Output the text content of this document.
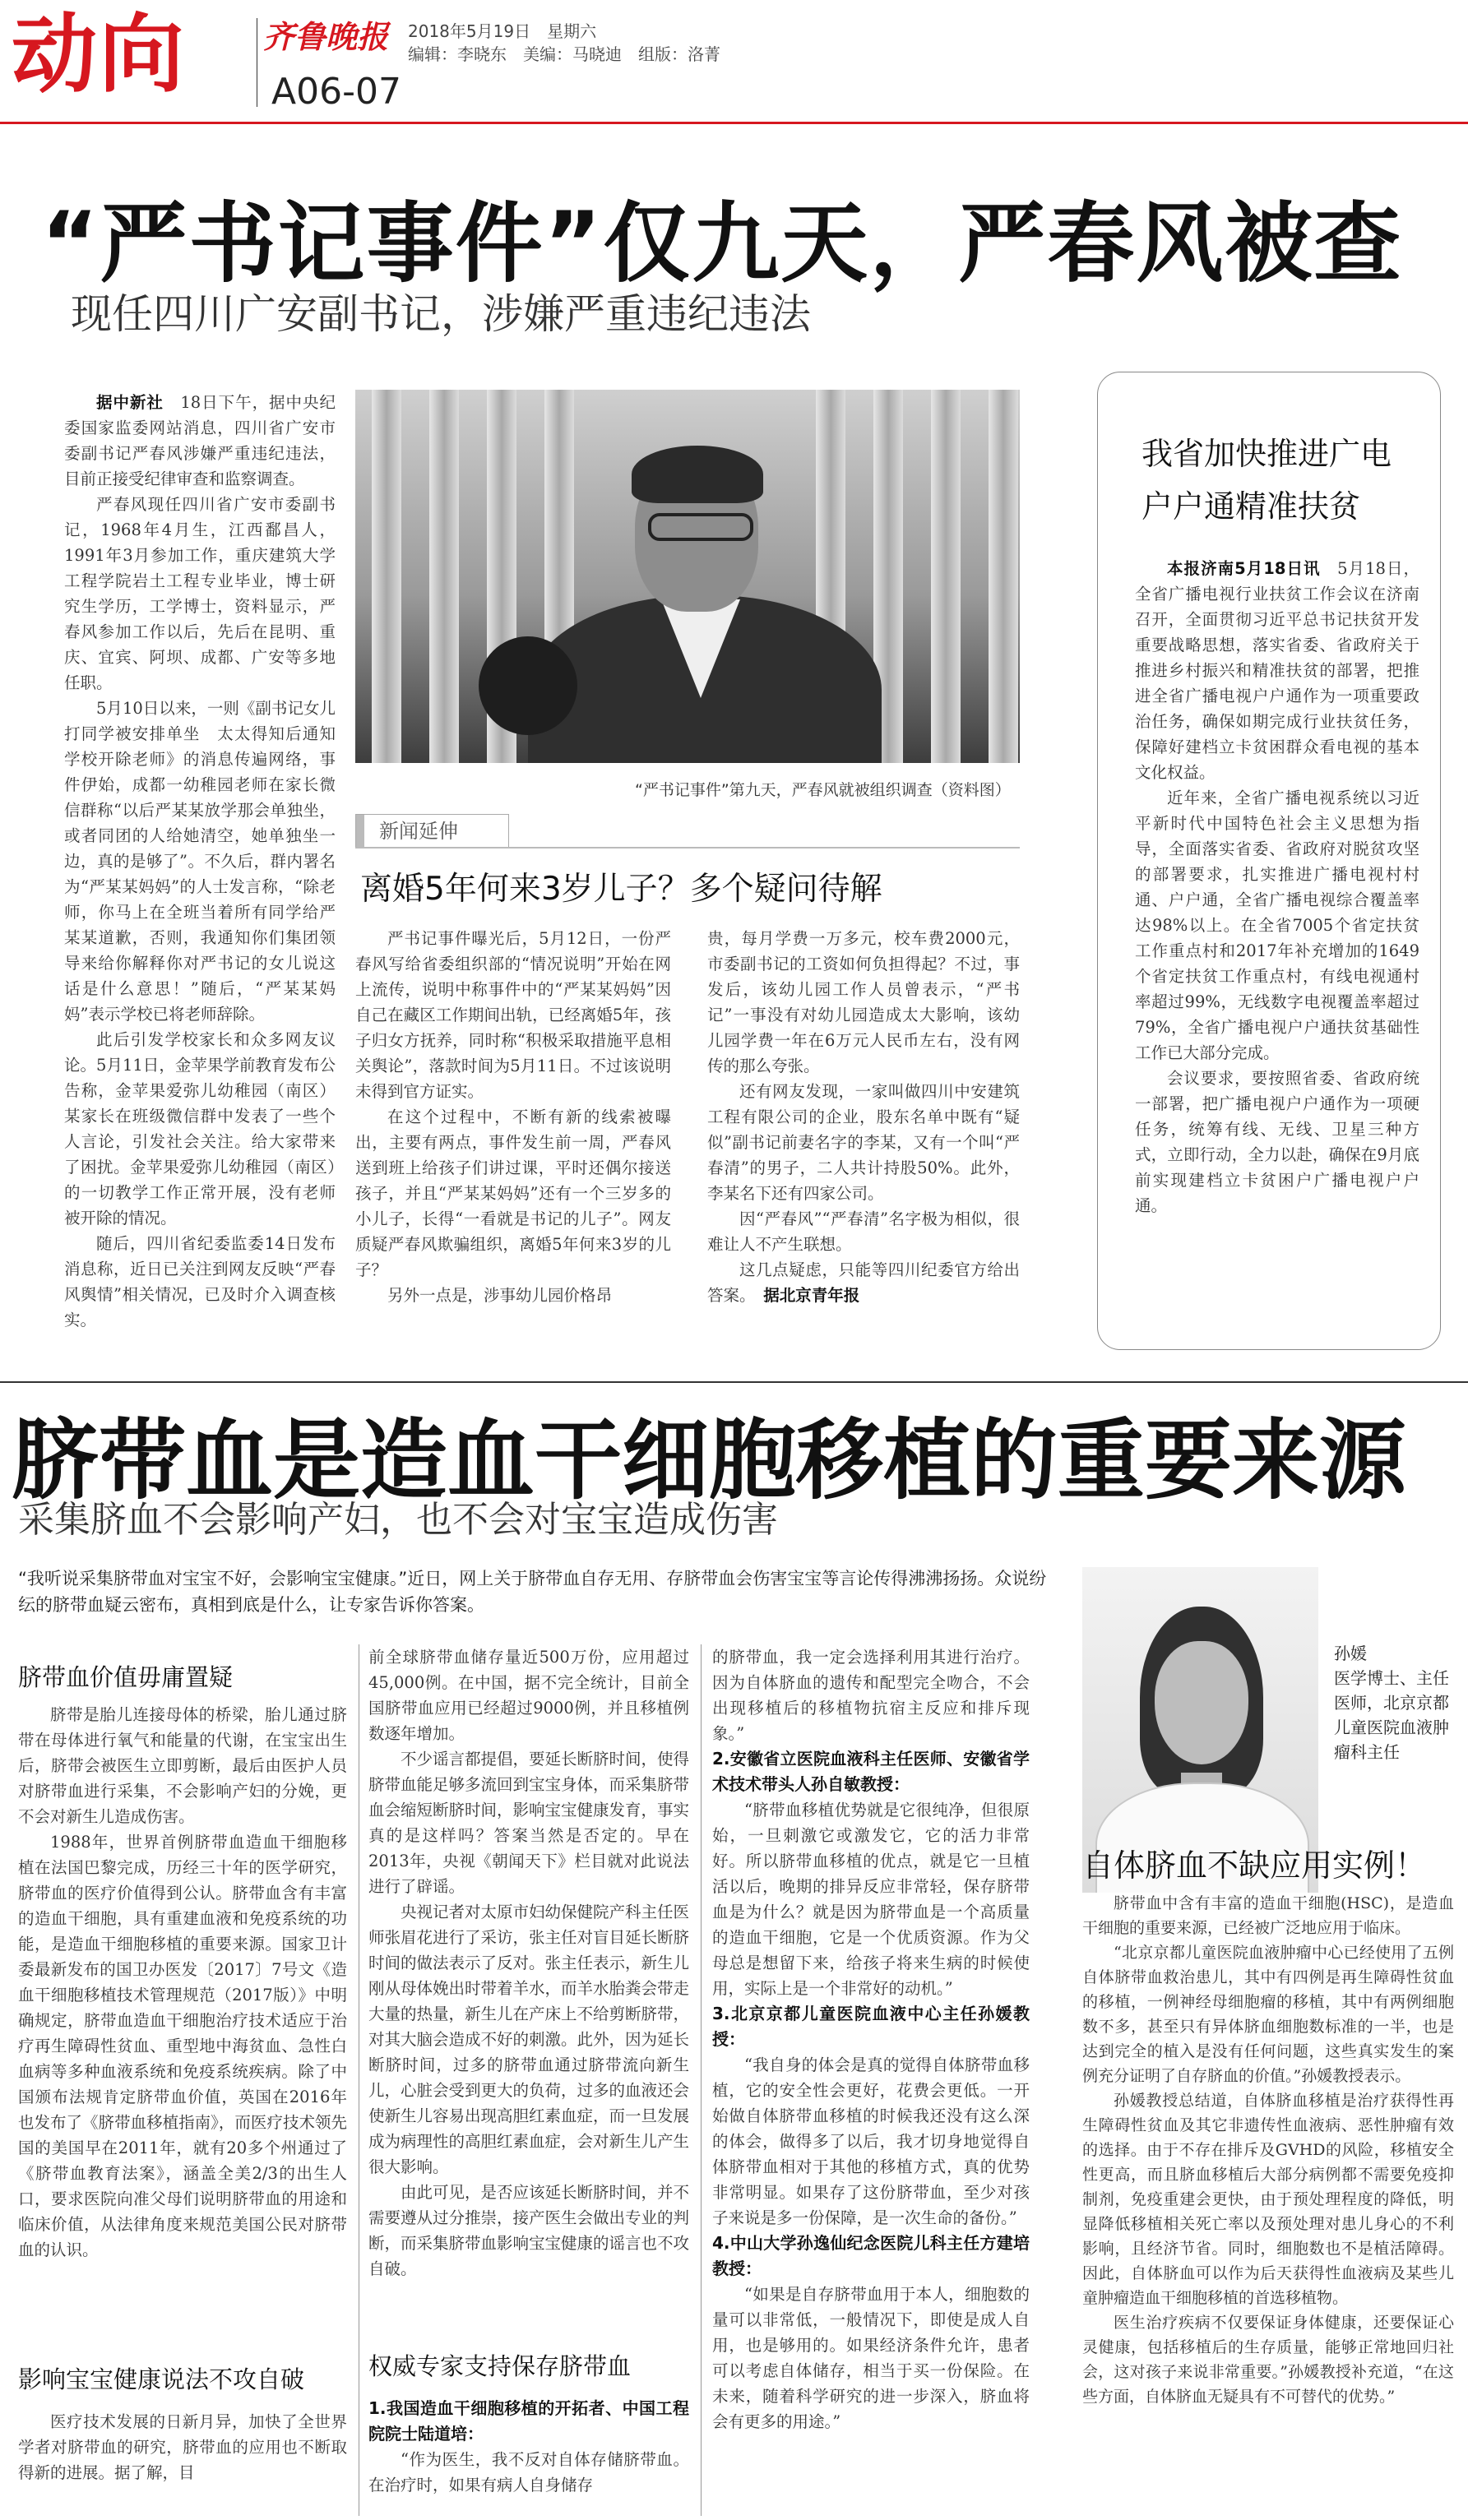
动向 齐鲁晚报 2018年5月19日　星期六
编辑：李晓东　美编：马晓迪　组版：洛菁
A06-07
“严书记事件”仅九天，严春风被查
现任四川广安副书记，涉嫌严重违纪违法

据中新社　18日下午，据中央纪委国家监委网站消息，四川省广安市委副书记严春风涉嫌严重违纪违法，目前正接受纪律审查和监察调查。

严春风现任四川省广安市委副书记，1968年4月生，江西鄱昌人，1991年3月参加工作，重庆建筑大学工程学院岩土工程专业毕业，博士研究生学历，工学博士，资料显示，严春风参加工作以后，先后在昆明、重庆、宜宾、阿坝、成都、广安等多地任职。

5月10日以来，一则《副书记女儿打同学被安排单坐　太太得知后通知学校开除老师》的消息传遍网络，事件伊始，成都一幼稚园老师在家长微信群称“以后严某某放学那会单独坐，或者同团的人给她清空，她单独坐一边，真的是够了”。不久后，群内署名为“严某某妈妈”的人士发言称，“除老师，你马上在全班当着所有同学给严某某道歉，否则，我通知你们集团领导来给你解释你对严书记的女儿说这话是什么意思！”随后，“严某某妈妈”表示学校已将老师辞除。

此后引发学校家长和众多网友议论。5月11日，金苹果学前教育发布公告称，金苹果爱弥儿幼稚园（南区）某家长在班级微信群中发表了一些个人言论，引发社会关注。给大家带来了困扰。金苹果爱弥儿幼稚园（南区）的一切教学工作正常开展，没有老师被开除的情况。

随后，四川省纪委监委14日发布消息称，近日已关注到网友反映“严春风舆情”相关情况，已及时介入调查核实。

“严书记事件”第九天，严春风就被组织调查（资料图）
新闻延伸
离婚5年何来3岁儿子？多个疑问待解

严书记事件曝光后，5月12日，一份严春风写给省委组织部的“情况说明”开始在网上流传，说明中称事件中的“严某某妈妈”因自己在藏区工作期间出轨，已经离婚5年，孩子归女方抚养，同时称“积极采取措施平息相关舆论”，落款时间为5月11日。不过该说明未得到官方证实。

在这个过程中，不断有新的线索被曝出，主要有两点，事件发生前一周，严春风送到班上给孩子们讲过课，平时还偶尔接送孩子，并且“严某某妈妈”还有一个三岁多的小儿子，长得“一看就是书记的儿子”。网友质疑严春风欺骗组织，离婚5年何来3岁的儿子？

另外一点是，涉事幼儿园价格昂

贵，每月学费一万多元，校车费2000元，市委副书记的工资如何负担得起？不过，事发后，该幼儿园工作人员曾表示，“严书记”一事没有对幼儿园造成太大影响，该幼儿园学费一年在6万元人民币左右，没有网传的那么夸张。

还有网友发现，一家叫做四川中安建筑工程有限公司的企业，股东名单中既有“疑似”副书记前妻名字的李某，又有一个叫“严春清”的男子，二人共计持股50%。此外，李某名下还有四家公司。

因“严春风”“严春清”名字极为相似，很难让人不产生联想。

这几点疑虑，只能等四川纪委官方给出答案。　 据北京青年报

我省加快推进广电
户户通精准扶贫

本报济南5月18日讯　5月18日，全省广播电视行业扶贫工作会议在济南召开，全面贯彻习近平总书记扶贫开发重要战略思想，落实省委、省政府关于推进乡村振兴和精准扶贫的部署，把推进全省广播电视户户通作为一项重要政治任务，确保如期完成行业扶贫任务，保障好建档立卡贫困群众看电视的基本文化权益。

近年来，全省广播电视系统以习近平新时代中国特色社会主义思想为指导，全面落实省委、省政府对脱贫攻坚的部署要求，扎实推进广播电视村村通、户户通，全省广播电视综合覆盖率达98%以上。在全省7005个省定扶贫工作重点村和2017年补充增加的1649个省定扶贫工作重点村，有线电视通村率超过99%，无线数字电视覆盖率超过79%，全省广播电视户户通扶贫基础性工作已大部分完成。

会议要求，要按照省委、省政府统一部署，把广播电视户户通作为一项硬任务，统筹有线、无线、卫星三种方式，立即行动，全力以赴，确保在9月底前实现建档立卡贫困户广播电视户户通。

脐带血是造血干细胞移植的重要来源
采集脐血不会影响产妇，也不会对宝宝造成伤害
“我听说采集脐带血对宝宝不好，会影响宝宝健康。”近日，网上关于脐带血自存无用、存脐带血会伤害宝宝等言论传得沸沸扬扬。众说纷纭的脐带血疑云密布，真相到底是什么，让专家告诉你答案。
脐带血价值毋庸置疑

脐带是胎儿连接母体的桥梁，胎儿通过脐带在母体进行氧气和能量的代谢，在宝宝出生后，脐带会被医生立即剪断，最后由医护人员对脐带血进行采集，不会影响产妇的分娩，更不会对新生儿造成伤害。

1988年，世界首例脐带血造血干细胞移植在法国巴黎完成，历经三十年的医学研究，脐带血的医疗价值得到公认。脐带血含有丰富的造血干细胞，具有重建血液和免疫系统的功能，是造血干细胞移植的重要来源。国家卫计委最新发布的国卫办医发〔2017〕7号文《造血干细胞移植技术管理规范（2017版）》中明确规定，脐带血造血干细胞治疗技术适应于治疗再生障碍性贫血、重型地中海贫血、急性白血病等多种血液系统和免疫系统疾病。除了中国颁布法规肯定脐带血价值，英国在2016年也发布了《脐带血移植指南》，而医疗技术领先国的美国早在2011年，就有20多个州通过了《脐带血教育法案》，涵盖全美2/3的出生人口，要求医院向准父母们说明脐带血的用途和临床价值，从法律角度来规范美国公民对脐带血的认识。

影响宝宝健康说法不攻自破

医疗技术发展的日新月异，加快了全世界学者对脐带血的研究，脐带血的应用也不断取得新的进展。据了解，目

前全球脐带血储存量近500万份，应用超过45,000例。在中国，据不完全统计，目前全国脐带血应用已经超过9000例，并且移植例数逐年增加。

不少谣言都提倡，要延长断脐时间，使得脐带血能足够多流回到宝宝身体，而采集脐带血会缩短断脐时间，影响宝宝健康发育，事实真的是这样吗？答案当然是否定的。早在2013年，央视《朝闻天下》栏目就对此说法进行了辟谣。

央视记者对太原市妇幼保健院产科主任医师张眉花进行了采访，张主任对盲目延长断脐时间的做法表示了反对。张主任表示，新生儿刚从母体娩出时带着羊水，而羊水胎粪会带走大量的热量，新生儿在产床上不给剪断脐带，对其大脑会造成不好的刺激。此外，因为延长断脐时间，过多的脐带血通过脐带流向新生儿，心脏会受到更大的负荷，过多的血液还会使新生儿容易出现高胆红素血症，而一旦发展成为病理性的高胆红素血症，会对新生儿产生很大影响。

由此可见，是否应该延长断脐时间，并不需要遵从过分推崇，接产医生会做出专业的判断，而采集脐带血影响宝宝健康的谣言也不攻自破。

权威专家支持保存脐带血

1.我国造血干细胞移植的开拓者、中国工程院院士陆道培：

“作为医生，我不反对自体存储脐带血。在治疗时，如果有病人自身储存

的脐带血，我一定会选择利用其进行治疗。因为自体脐血的遗传和配型完全吻合，不会出现移植后的移植物抗宿主反应和排斥现象。”

2.安徽省立医院血液科主任医师、安徽省学术技术带头人孙自敏教授：

“脐带血移植优势就是它很纯净，但很原始，一旦刺激它或激发它，它的活力非常好。所以脐带血移植的优点，就是它一旦植活以后，晚期的排异反应非常轻，保存脐带血是为什么？就是因为脐带血是一个高质量的造血干细胞，它是一个优质资源。作为父母总是想留下来，给孩子将来生病的时候使用，实际上是一个非常好的动机。”

3.北京京都儿童医院血液中心主任孙媛教授：

“我自身的体会是真的觉得自体脐带血移植，它的安全性会更好，花费会更低。一开始做自体脐带血移植的时候我还没有这么深的体会，做得多了以后，我才切身地觉得自体脐带血相对于其他的移植方式，真的优势非常明显。如果存了这份脐带血，至少对孩子来说是多一份保障，是一次生命的备份。”

4.中山大学孙逸仙纪念医院儿科主任方建培教授：

“如果是自存脐带血用于本人，细胞数的量可以非常低，一般情况下，即使是成人自用，也是够用的。如果经济条件允许，患者可以考虑自体储存，相当于买一份保险。在未来，随着科学研究的进一步深入，脐血将会有更多的用途。”

孙媛
医学博士、主任医师，北京京都儿童医院血液肿瘤科主任
自体脐血不缺应用实例！

脐带血中含有丰富的造血干细胞(HSC)，是造血干细胞的重要来源，已经被广泛地应用于临床。

“北京京都儿童医院血液肿瘤中心已经使用了五例自体脐带血救治患儿，其中有四例是再生障碍性贫血的移植，一例神经母细胞瘤的移植，其中有两例细胞数不多，甚至只有异体脐血细胞数标准的一半，也是达到完全的植入是没有任何问题，这些真实发生的案例充分证明了自存脐血的价值。”孙媛教授表示。

孙媛教授总结道，自体脐血移植是治疗获得性再生障碍性贫血及其它非遗传性血液病、恶性肿瘤有效的选择。由于不存在排斥及GVHD的风险，移植安全性更高，而且脐血移植后大部分病例都不需要免疫抑制剂，免疫重建会更快，由于预处理程度的降低，明显降低移植相关死亡率以及预处理对患儿身心的不利影响，且经济节省。同时，细胞数也不是植活障碍。因此，自体脐血可以作为后天获得性血液病及某些儿童肿瘤造血干细胞移植的首选移植物。

医生治疗疾病不仅要保证身体健康，还要保证心灵健康，包括移植后的生存质量，能够正常地回归社会，这对孩子来说非常重要。”孙媛教授补充道，“在这些方面，自体脐血无疑具有不可替代的优势。”
